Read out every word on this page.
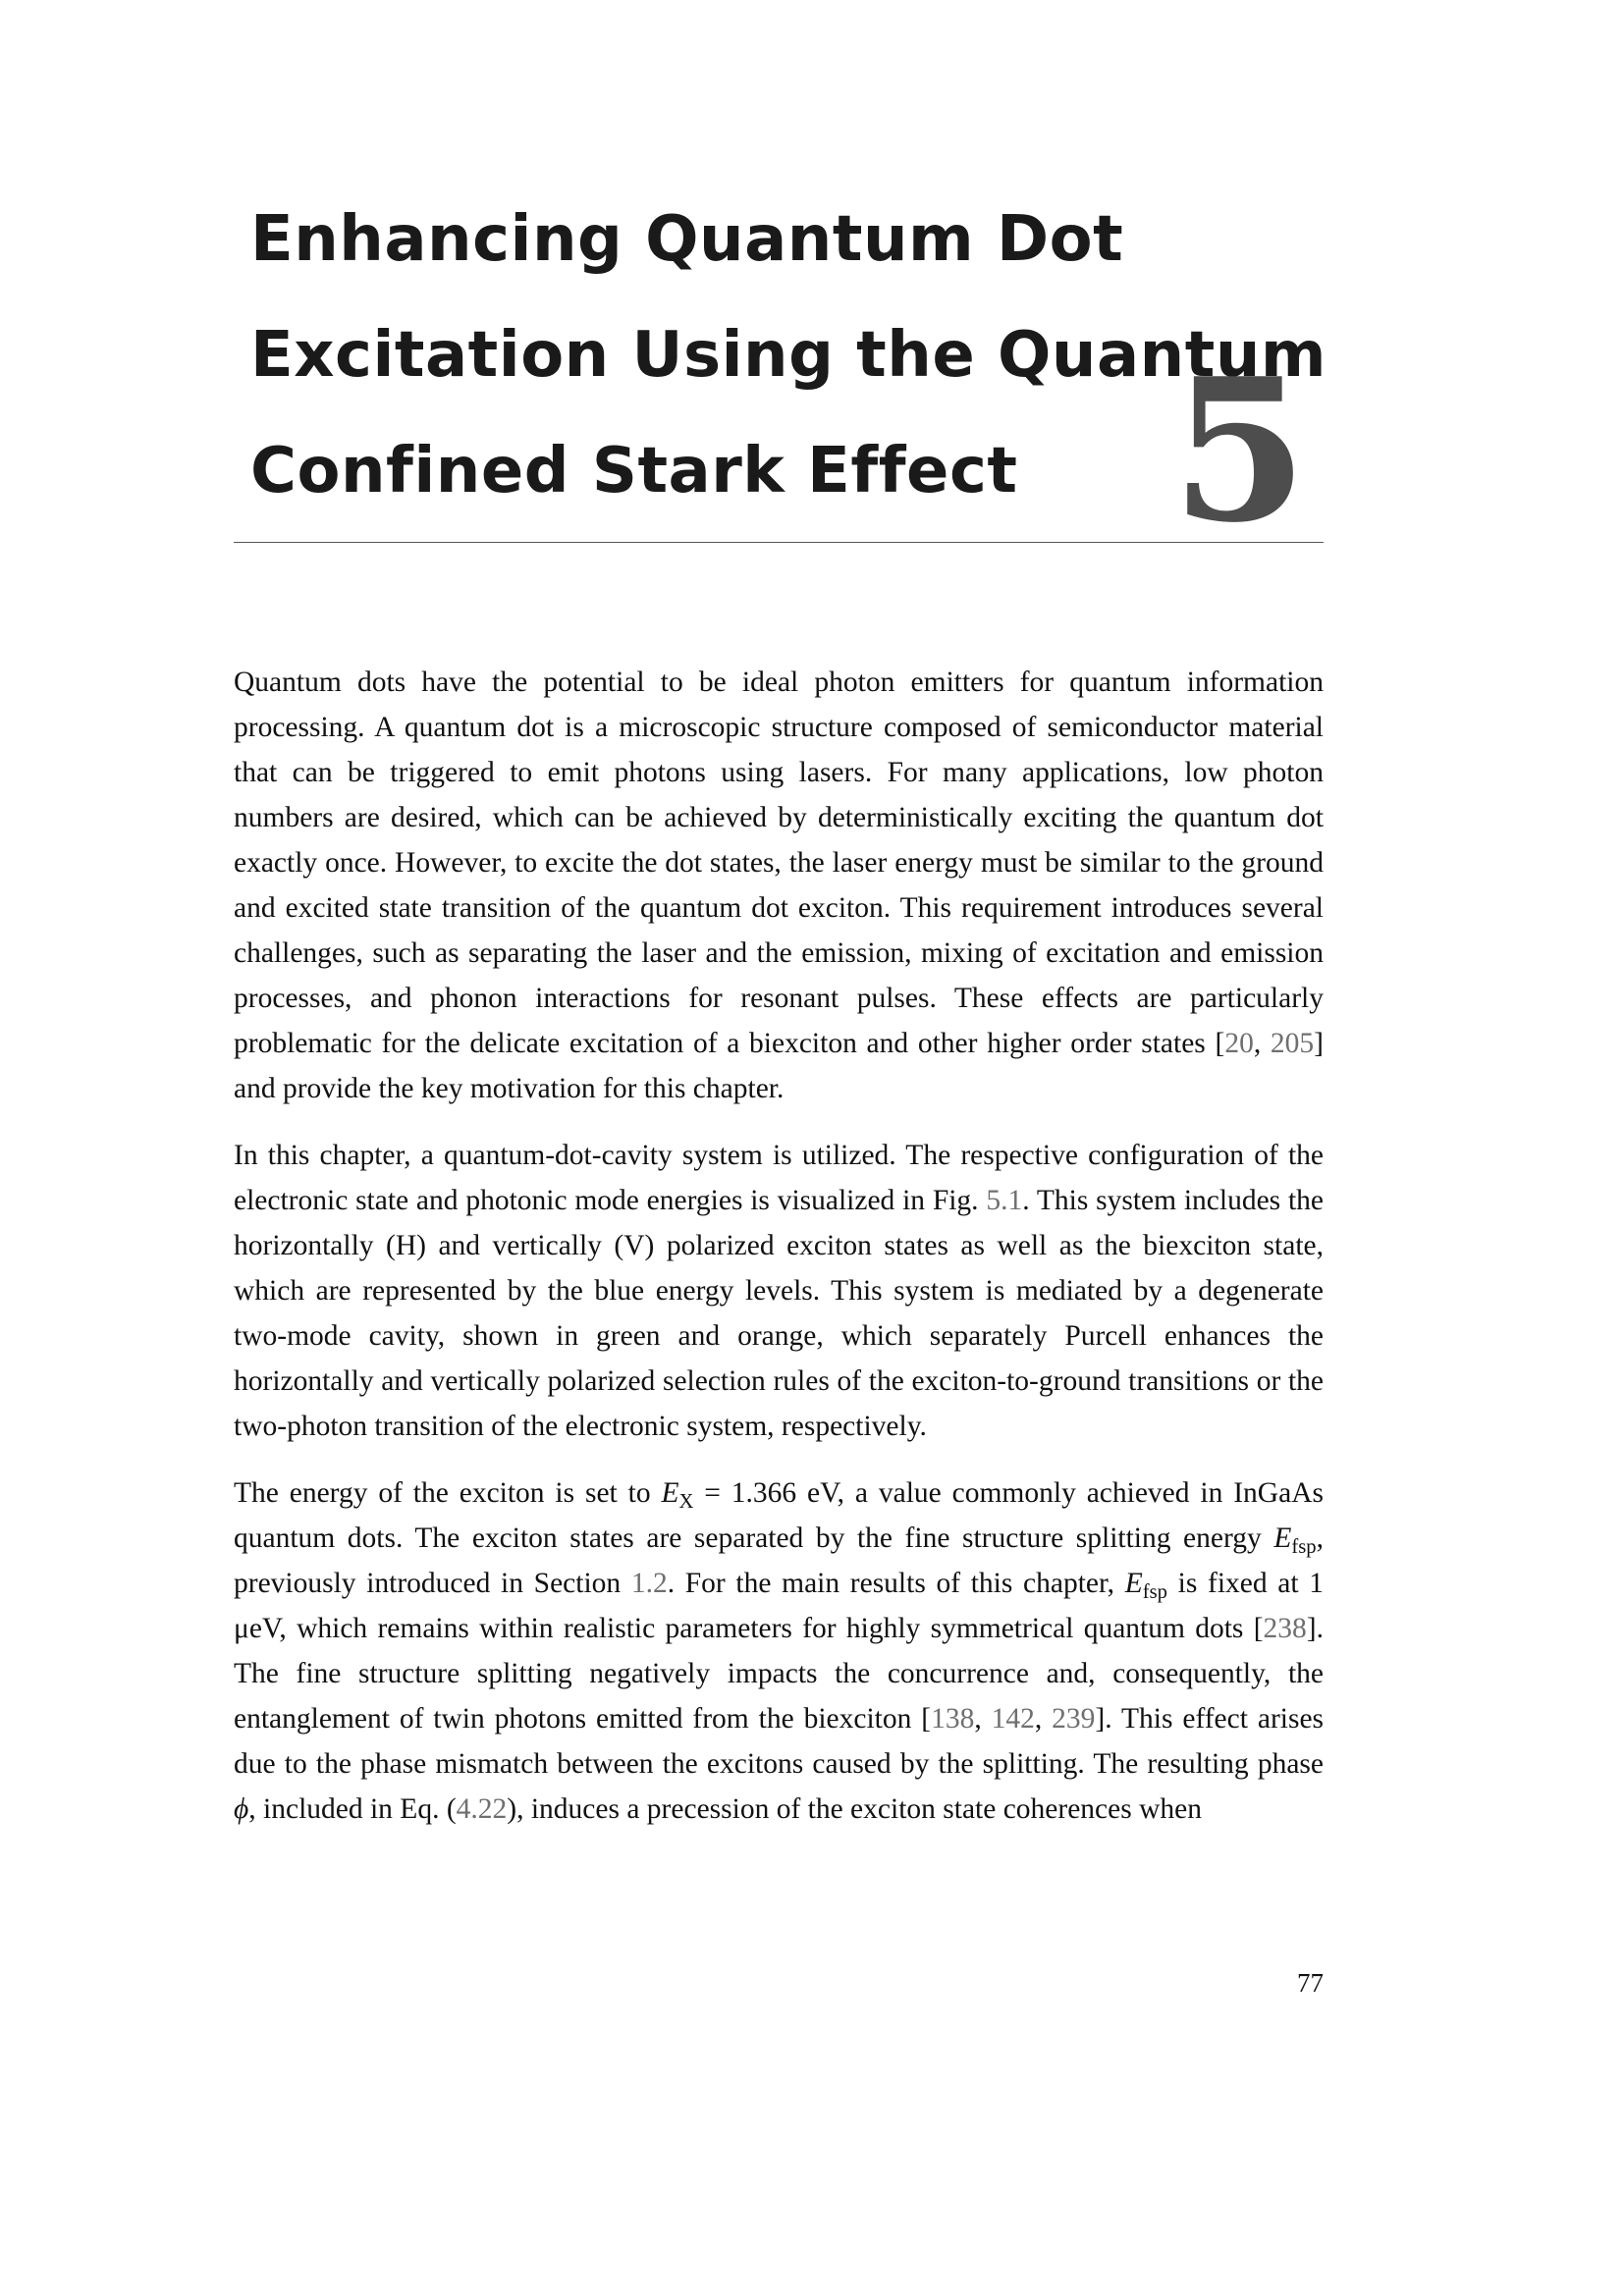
Enhancing Quantum Dot
Excitation Using the Quantum
Confined Stark Effect 5

Quantum dots have the potential to be ideal photon emitters for quantum information processing. A quantum dot is a microscopic structure composed of semiconductor material that can be triggered to emit photons using lasers. For many applications, low photon numbers are desired, which can be achieved by deterministically exciting the quantum dot exactly once. However, to excite the dot states, the laser energy must be similar to the ground and excited state transition of the quantum dot exciton. This requirement introduces several challenges, such as separating the laser and the emission, mixing of excitation and emission processes, and phonon interactions for resonant pulses. These effects are particularly problematic for the delicate excitation of a biexciton and other higher order states [20, 205] and provide the key motivation for this chapter.

In this chapter, a quantum-dot-cavity system is utilized. The respective configuration of the electronic state and photonic mode energies is visualized in Fig. 5.1. This system includes the horizontally (H) and vertically (V) polarized exciton states as well as the biexciton state, which are represented by the blue energy levels. This system is mediated by a degenerate two-mode cavity, shown in green and orange, which separately Purcell enhances the horizontally and vertically polarized selection rules of the exciton-to-ground transitions or the two-photon transition of the electronic system, respectively.

The energy of the exciton is set to $E_X = 1.366$ eV, a value commonly achieved in InGaAs quantum dots. The exciton states are separated by the fine structure splitting energy $E_{fsp}$, previously introduced in Section 1.2. For the main results of this chapter, $E_{fsp}$ is fixed at 1 μeV, which remains within realistic parameters for highly symmetrical quantum dots [238]. The fine structure splitting negatively impacts the concurrence and, consequently, the entanglement of twin photons emitted from the biexciton [138, 142, 239]. This effect arises due to the phase mismatch between the excitons caused by the splitting. The resulting phase ϕ, included in Eq. (4.22), induces a precession of the exciton state coherences when

77
